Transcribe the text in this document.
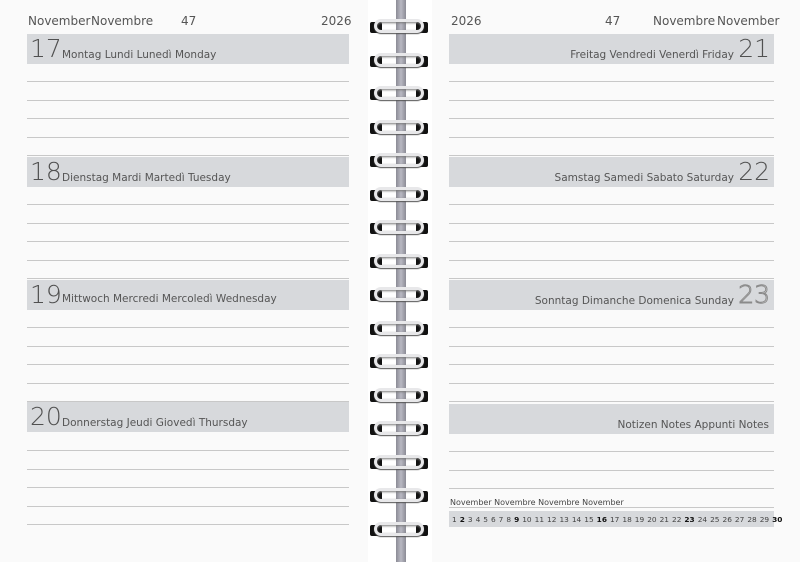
November Novembre 47	2026	2026	47	Novembre November
17 Montag Lundi Lunedì Monday
18 Dienstag Mardi Martedì Tuesday
19 Mittwoch Mercredi Mercoledì Wednesday
20 Donnerstag Jeudi Giovedì Thursday
Freitag Vendredi Venerdì Friday 21
Samstag Samedi Sabato Saturday 22
Sonntag Dimanche Domenica Sunday 23
Notizen Notes Appunti Notes
November Novembre Novembre November
1 2 3 4 5 6 7 8 9 10 11 12 13 14 15 16 17 18 19 20 21 22 23 24 25 26 27 28 29 30
